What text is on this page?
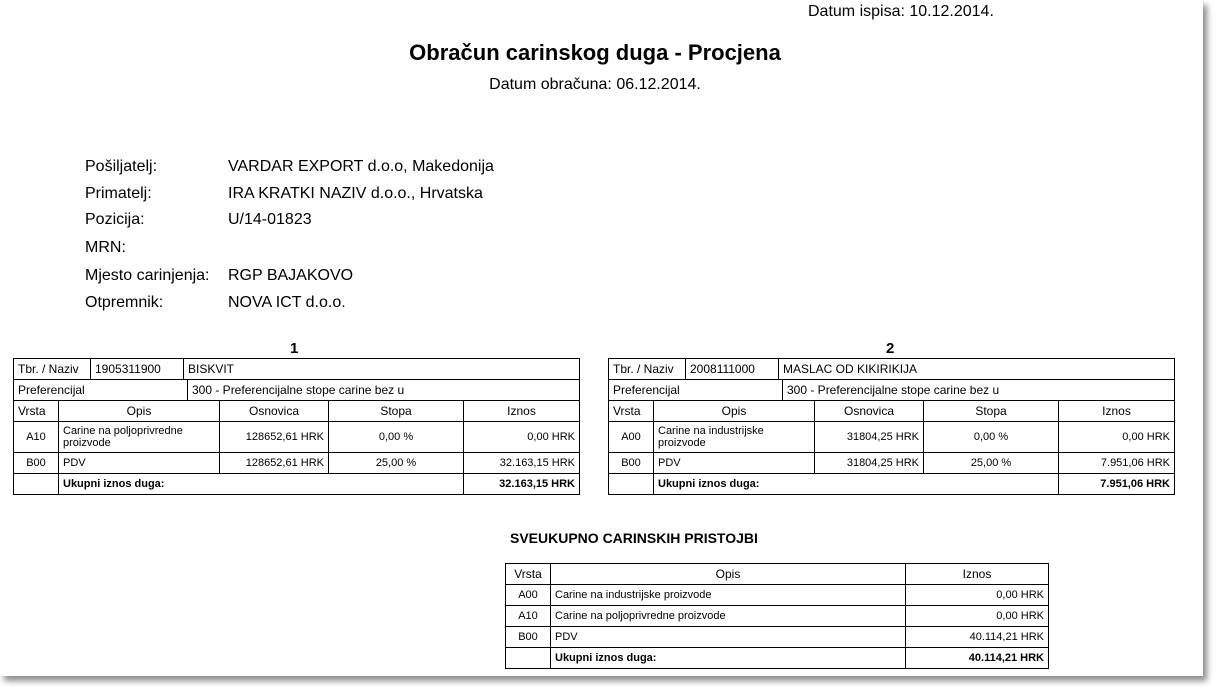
Datum ispisa: 10.12.2014.
Obračun carinskog duga - Procjena
Datum obračuna: 06.12.2014.
Pošiljatelj:	VARDAR EXPORT d.o.o, Makedonija
Primatelj:	IRA KRATKI NAZIV d.o.o., Hrvatska
Pozicija:	U/14-01823
MRN:
Mjesto carinjenja: RGP BAJAKOVO
Otpremnik:	NOVA ICT d.o.o.
1
Tbr. / Naziv	1905311900	BISKVIT
Preferencijal	300 - Preferencijalne stope carine bez u
Vrsta	Opis	Osnovica	Stopa	Iznos
A10	Carine na poljoprivredne proizvode	128652,61 HRK	0,00 %	0,00 HRK
B00	PDV	128652,61 HRK	25,00 %	32.163,15 HRK
	Ukupni iznos duga:			32.163,15 HRK
2
Tbr. / Naziv	2008111000	MASLAC OD KIKIRIKIJA
Preferencijal	300 - Preferencijalne stope carine bez u
Vrsta	Opis	Osnovica	Stopa	Iznos
A00	Carine na industrijske proizvode	31804,25 HRK	0,00 %	0,00 HRK
B00	PDV	31804,25 HRK	25,00 %	7.951,06 HRK
	Ukupni iznos duga:			7.951,06 HRK
SVEUKUPNO CARINSKIH PRISTOJBI
Vrsta	Opis	Iznos
A00	Carine na industrijske proizvode	0,00 HRK
A10	Carine na poljoprivredne proizvode	0,00 HRK
B00	PDV	40.114,21 HRK
	Ukupni iznos duga:	40.114,21 HRK
